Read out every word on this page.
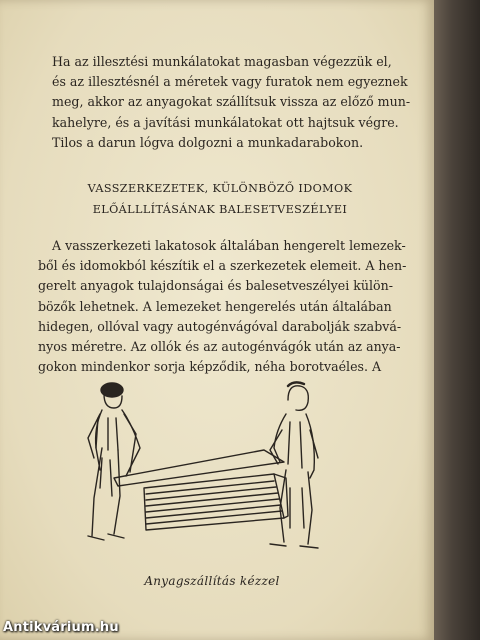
Ha az illesztési munkálatokat magasban végezzük el,
és az illesztésnél a méretek vagy furatok nem egyeznek
meg, akkor az anyagokat szállítsuk vissza az előző mun-
kahelyre, és a javítási munkálatokat ott hajtsuk végre.
Tilos a darun lógva dolgozni a munkadarabokon.
VASSZERKEZETEK, KÜLÖNBÖZŐ IDOMOK
ELŐÁLLLÍTÁSÁNAK BALESETVESZÉLYEI
A vasszerkezeti lakatosok általában hengerelt lemezek-
ből és idomokból készítik el a szerkezetek elemeit. A hen-
gerelt anyagok tulajdonságai és balesetveszélyei külön-
bözők lehetnek. A lemezeket hengerelés után általában
hidegen, ollóval vagy autogénvágóval darabolják szabvá-
nyos méretre. Az ollók és az autogénvágók után az anya-
gokon mindenkor sorja képződik, néha borotvaéles. A
Anyagszállítás kézzel
Antikvárium.hu
